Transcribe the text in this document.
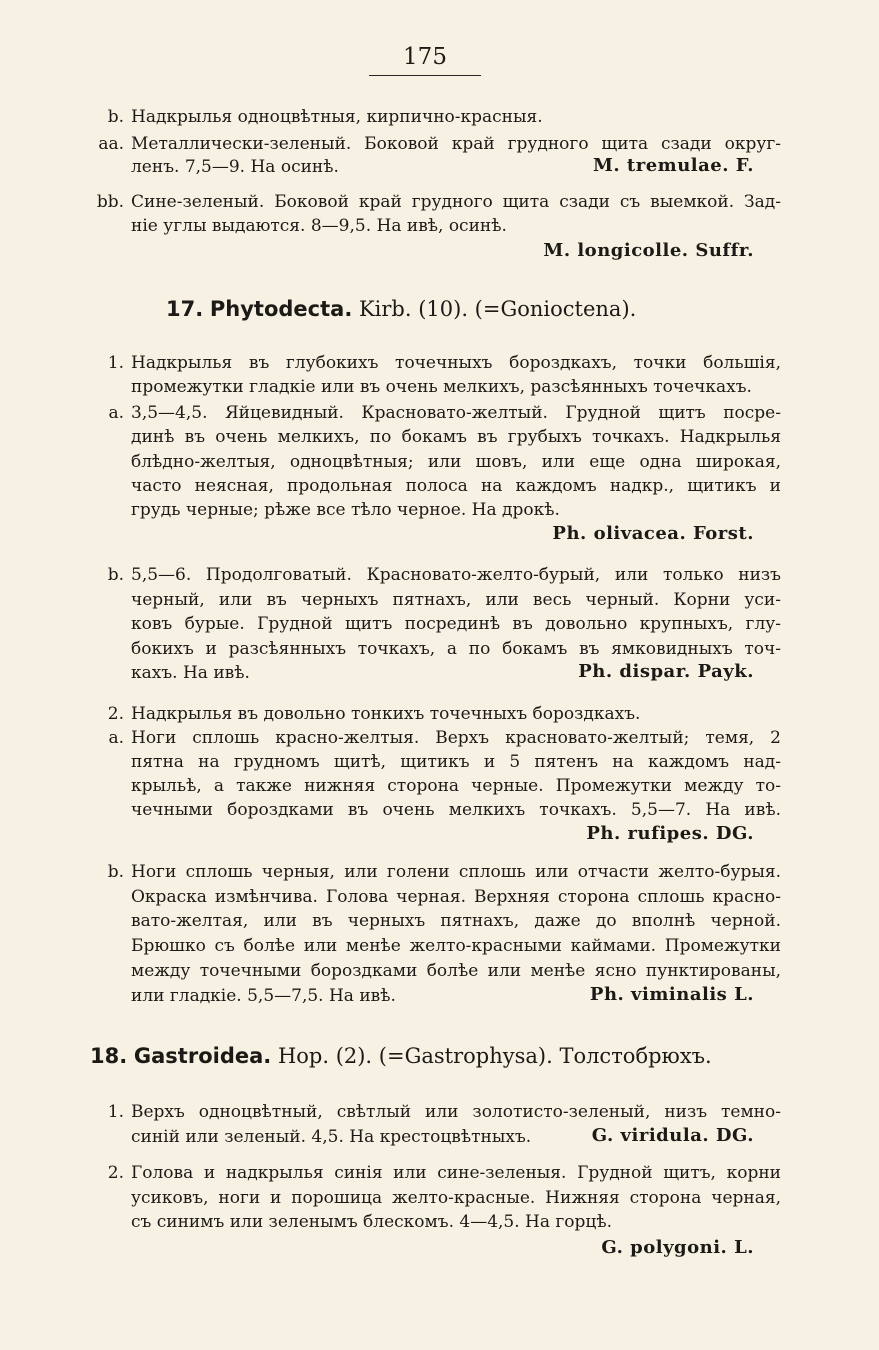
175
b. Надкрылья одноцвѣтныя, кирпично-красныя.
aa. Металлически-зеленый. Боковой край грудного щита сзади округ-
ленъ. 7,5—9. На осинѣ.	M. tremulae. F.
bb. Сине-зеленый. Боковой край грудного щита сзади съ выемкой. Зад-
ніе углы выдаются. 8—9,5. На ивѣ, осинѣ.
M. longicolle. Suffr.
17. Phytodecta. Kirb. (10). (=Gonioctena).
1. Надкрылья въ глубокихъ точечныхъ бороздкахъ, точки большія,
промежутки гладкіе или въ очень мелкихъ, разсѣянныхъ точечкахъ.
a. 3,5—4,5. Яйцевидный. Красновато-желтый. Грудной щитъ посре-
динѣ въ очень мелкихъ, по бокамъ въ грубыхъ точкахъ. Надкрылья
блѣдно-желтыя, одноцвѣтныя; или шовъ, или еще одна широкая,
часто неясная, продольная полоса на каждомъ надкр., щитикъ и
грудь черные; рѣже все тѣло черное. На дрокѣ.
Ph. olivacea. Forst.
b. 5,5—6. Продолговатый. Красновато-желто-бурый, или только низъ
черный, или въ черныхъ пятнахъ, или весь черный. Корни уси-
ковъ бурые. Грудной щитъ посрединѣ въ довольно крупныхъ, глу-
бокихъ и разсѣянныхъ точкахъ, а по бокамъ въ ямковидныхъ точ-
кахъ. На ивѣ.	Ph. dispar. Payk.
2. Надкрылья въ довольно тонкихъ точечныхъ бороздкахъ.
a. Ноги сплошь красно-желтыя. Верхъ красновато-желтый; темя, 2
пятна на грудномъ щитѣ, щитикъ и 5 пятенъ на каждомъ над-
крыльѣ, а также нижняя сторона черные. Промежутки между то-
чечными бороздками въ очень мелкихъ точкахъ. 5,5—7. На ивѣ.
Ph. rufipes. DG.
b. Ноги сплошь черныя, или голени сплошь или отчасти желто-бурыя.
Окраска измѣнчива. Голова черная. Верхняя сторона сплошь красно-
вато-желтая, или въ черныхъ пятнахъ, даже до вполнѣ черной.
Брюшко съ болѣе или менѣе желто-красными каймами. Промежутки
между точечными бороздками болѣе или менѣе ясно пунктированы,
или гладкіе. 5,5—7,5. На ивѣ.	Ph. viminalis L.
18. Gastroidea. Hop. (2). (=Gastrophysa). Толстобрюхъ.
1. Верхъ одноцвѣтный, свѣтлый или золотисто-зеленый, низъ темно-
синій или зеленый. 4,5. На крестоцвѣтныхъ.	G. viridula. DG.
2. Голова и надкрылья синія или сине-зеленыя. Грудной щитъ, корни
усиковъ, ноги и порошица желто-красные. Нижняя сторона черная,
съ синимъ или зеленымъ блескомъ. 4—4,5. На горцѣ.
G. polygoni. L.
